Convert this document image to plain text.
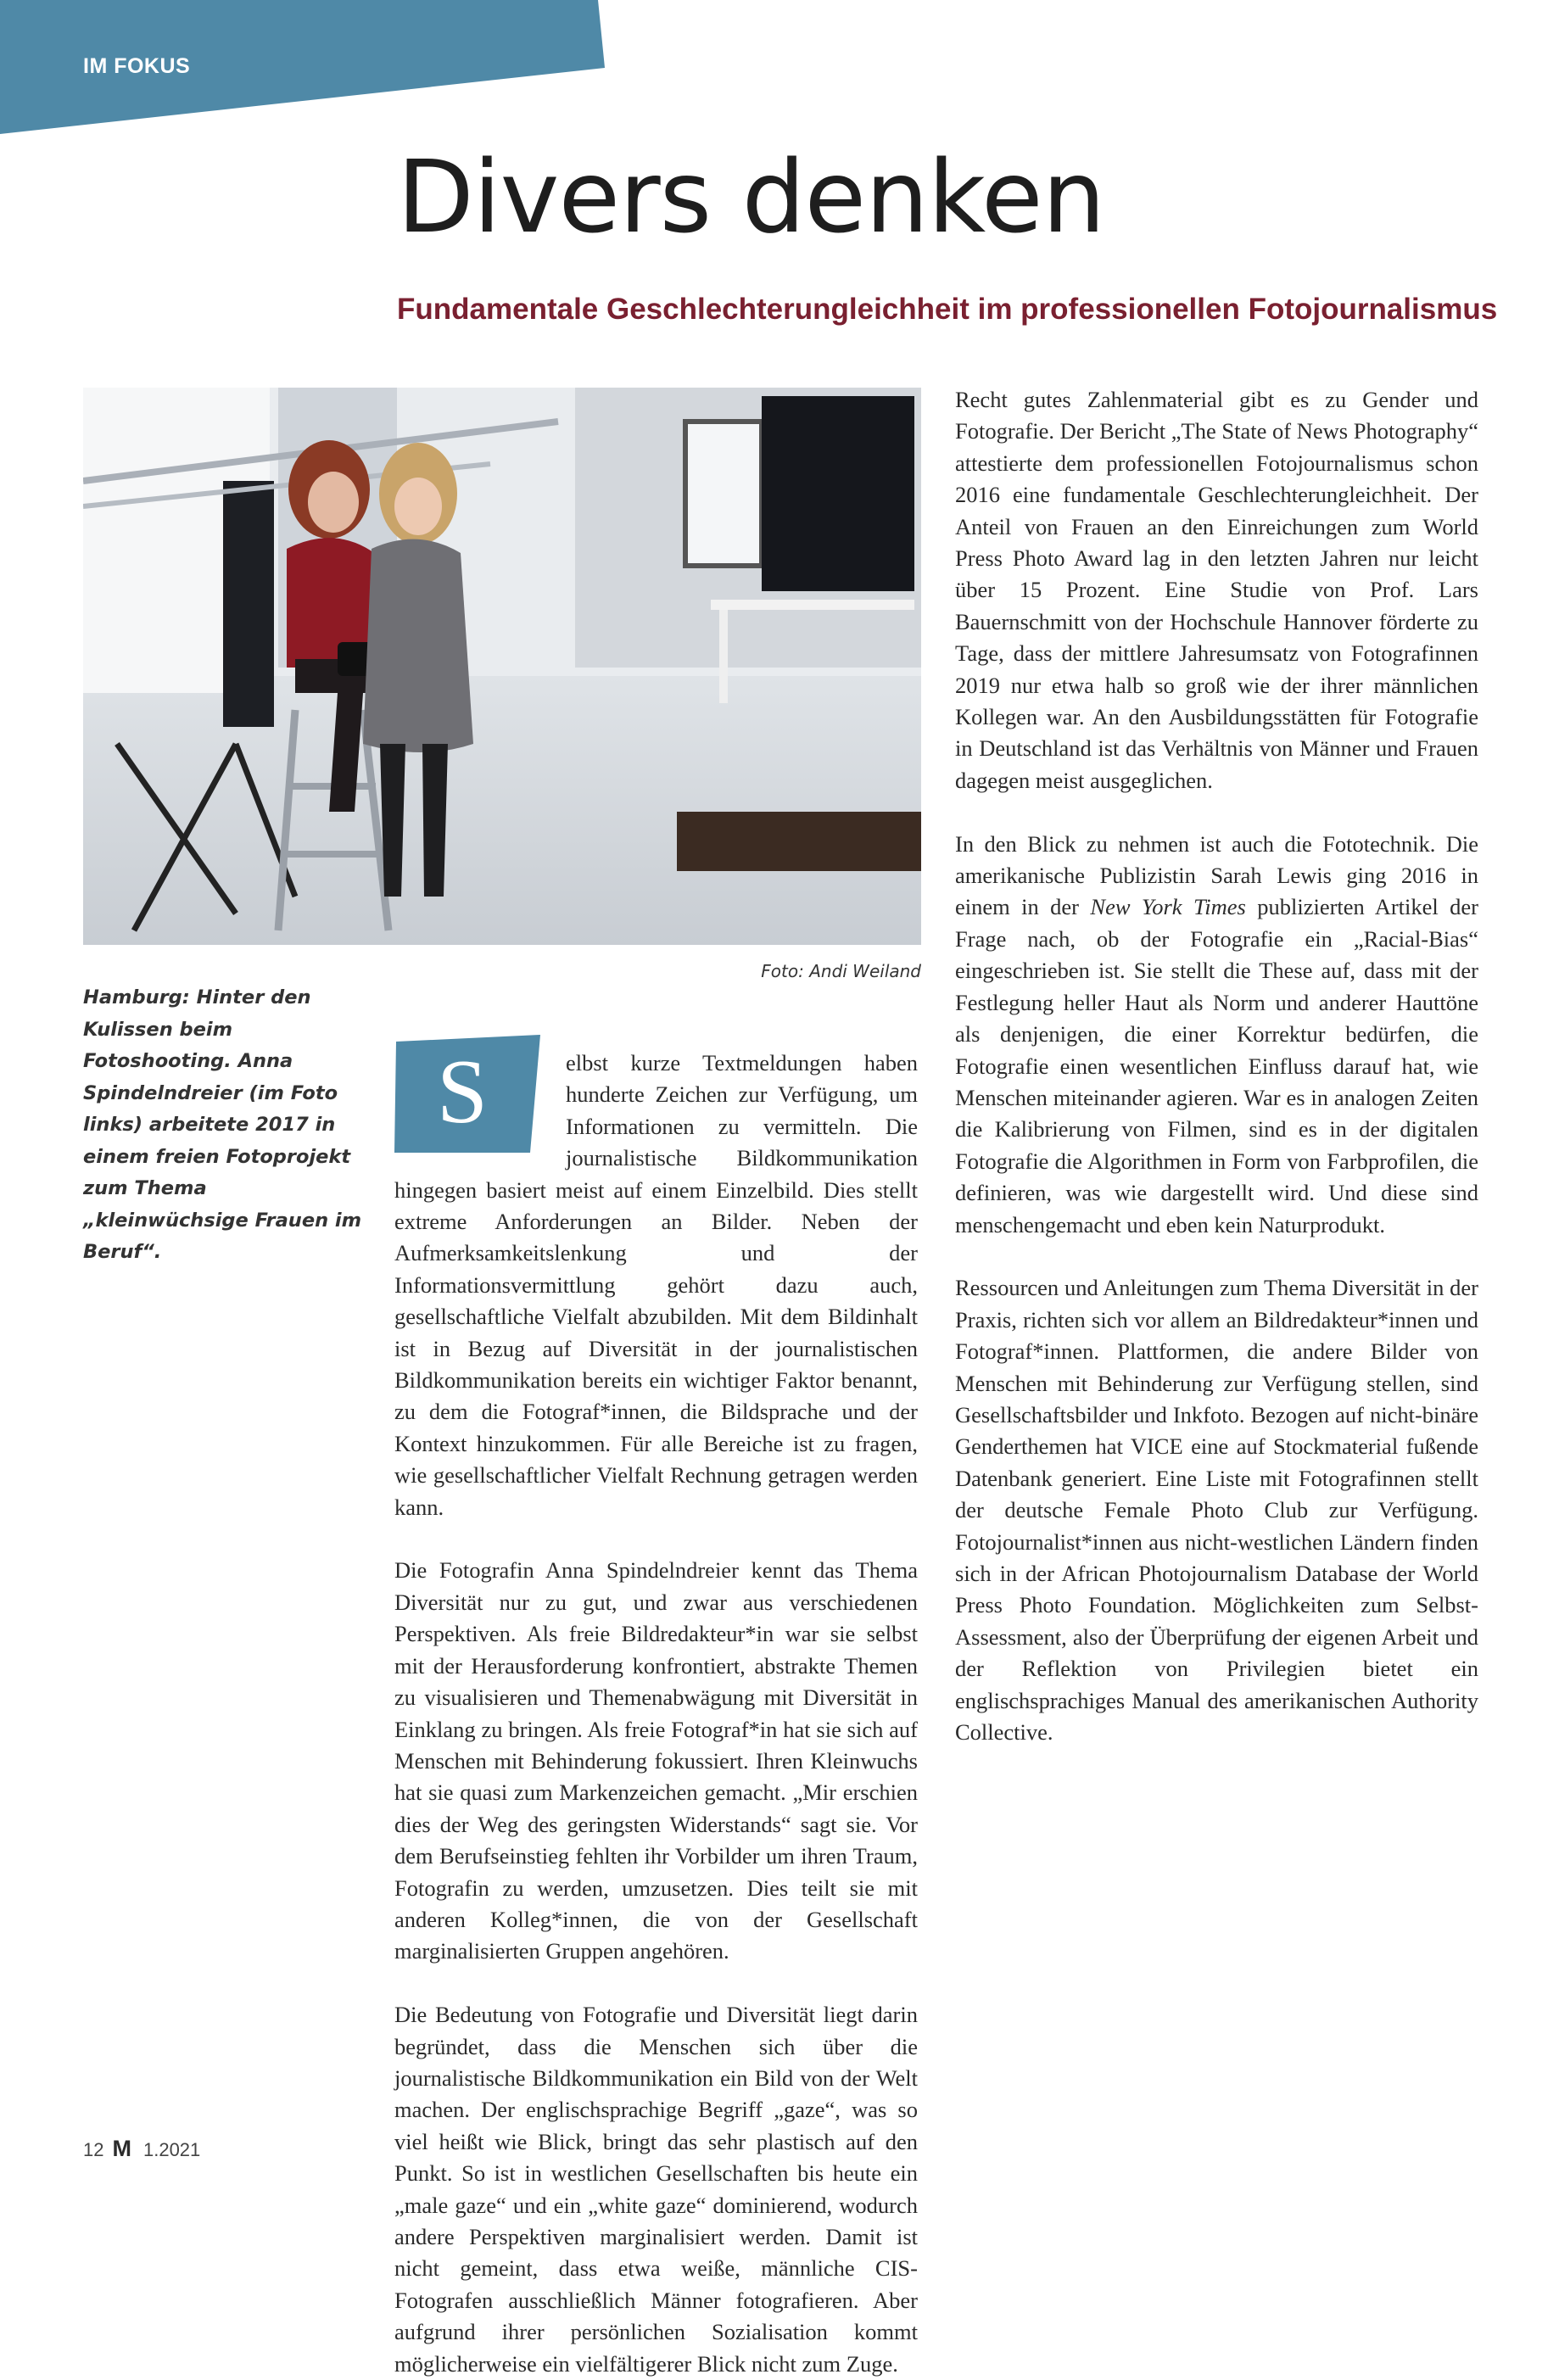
IM FOKUS
Divers denken
Fundamentale Geschlechterungleichheit im professionellen Fotojournalismus
Foto: Andi Weiland
Hamburg: Hinter den Kulissen beim Fotoshooting. Anna Spindelndreier (im Foto links) arbeitete 2017 in einem freien Fotoprojekt zum Thema „kleinwüchsige Frauen im Beruf“.

S	elbst kurze Textmeldungen haben hunderte Zeichen zur Verfügung, um Informationen zu vermitteln. Die journalistische Bildkommunikation hingegen basiert meist auf einem Einzelbild. Dies stellt extreme Anforderungen an Bilder. Neben der Aufmerksamkeitslenkung und der Informationsvermittlung gehört dazu auch, gesellschaftliche Vielfalt abzubilden. Mit dem Bildinhalt ist in Bezug auf Diversität in der journalistischen Bildkommunikation bereits ein wichtiger Faktor benannt, zu dem die Fotograf*innen, die Bildsprache und der Kontext hinzukommen. Für alle Bereiche ist zu fragen, wie gesellschaftlicher Vielfalt Rechnung getragen werden kann.

Die Fotografin Anna Spindelndreier kennt das Thema Diversität nur zu gut, und zwar aus verschiedenen Perspektiven. Als freie Bildredakteur*in war sie selbst mit der Herausforderung konfrontiert, abstrakte Themen zu visualisieren und Themenabwägung mit Diversität in Einklang zu bringen. Als freie Fotograf*in hat sie sich auf Menschen mit Behinderung fokussiert. Ihren Kleinwuchs hat sie quasi zum Markenzeichen gemacht. „Mir erschien dies der Weg des geringsten Widerstands“ sagt sie. Vor dem Berufseinstieg fehlten ihr Vorbilder um ihren Traum, Fotografin zu werden, umzusetzen. Dies teilt sie mit anderen Kolleg*innen, die von der Gesellschaft marginalisierten Gruppen angehören.

Die Bedeutung von Fotografie und Diversität liegt darin begründet, dass die Menschen sich über die journalistische Bildkommunikation ein Bild von der Welt machen. Der englischsprachige Begriff „gaze“, was so viel heißt wie Blick, bringt das sehr plastisch auf den Punkt. So ist in westlichen Gesellschaften bis heute ein „male gaze“ und ein „white gaze“ dominierend, wodurch andere Perspektiven marginalisiert werden. Damit ist nicht gemeint, dass etwa weiße, männliche CIS-Fotografen ausschließlich Männer fotografieren. Aber aufgrund ihrer persönlichen Sozialisation kommt möglicherweise ein vielfältigerer Blick nicht zum Zuge.

Recht gutes Zahlenmaterial gibt es zu Gender und Fotografie. Der Bericht „The State of News Photography“ attestierte dem professionellen Fotojournalismus schon 2016 eine fundamentale Geschlechterungleichheit. Der Anteil von Frauen an den Einreichungen zum World Press Photo Award lag in den letzten Jahren nur leicht über 15 Prozent. Eine Studie von Prof. Lars Bauernschmitt von der Hochschule Hannover förderte zu Tage, dass der mittlere Jahresumsatz von Fotografinnen 2019 nur etwa halb so groß wie der ihrer männlichen Kollegen war. An den Ausbildungsstätten für Fotografie in Deutschland ist das Verhältnis von Männer und Frauen dagegen meist ausgeglichen.

In den Blick zu nehmen ist auch die Fototechnik. Die amerikanische Publizistin Sarah Lewis ging 2016 in einem in der New York Times publizierten Artikel der Frage nach, ob der Fotografie ein „Racial-Bias“ eingeschrieben ist. Sie stellt die These auf, dass mit der Festlegung heller Haut als Norm und anderer Hauttöne als denjenigen, die einer Korrektur bedürfen, die Fotografie einen wesentlichen Einfluss darauf hat, wie Menschen miteinander agieren. War es in analogen Zeiten die Kalibrierung von Filmen, sind es in der digitalen Fotografie die Algorithmen in Form von Farbprofilen, die definieren, was wie dargestellt wird. Und diese sind menschengemacht und eben kein Naturprodukt.

Ressourcen und Anleitungen zum Thema Diversität in der Praxis, richten sich vor allem an Bildredakteur*innen und Fotograf*innen. Plattformen, die andere Bilder von Menschen mit Behinderung zur Verfügung stellen, sind Gesellschaftsbilder und Inkfoto. Bezogen auf nicht-binäre Genderthemen hat VICE eine auf Stockmaterial fußende Datenbank generiert. Eine Liste mit Fotografinnen stellt der deutsche Female Photo Club zur Verfügung. Fotojournalist*innen aus nicht-westlichen Ländern finden sich in der African Photojournalism Database der World Press Photo Foundation. Möglichkeiten zum Selbst-Assessment, also der Überprüfung der eigenen Arbeit und der Reflektion von Privilegien bietet ein englischsprachiges Manual des amerikanischen Authority Collective.

12 M 1.2021
